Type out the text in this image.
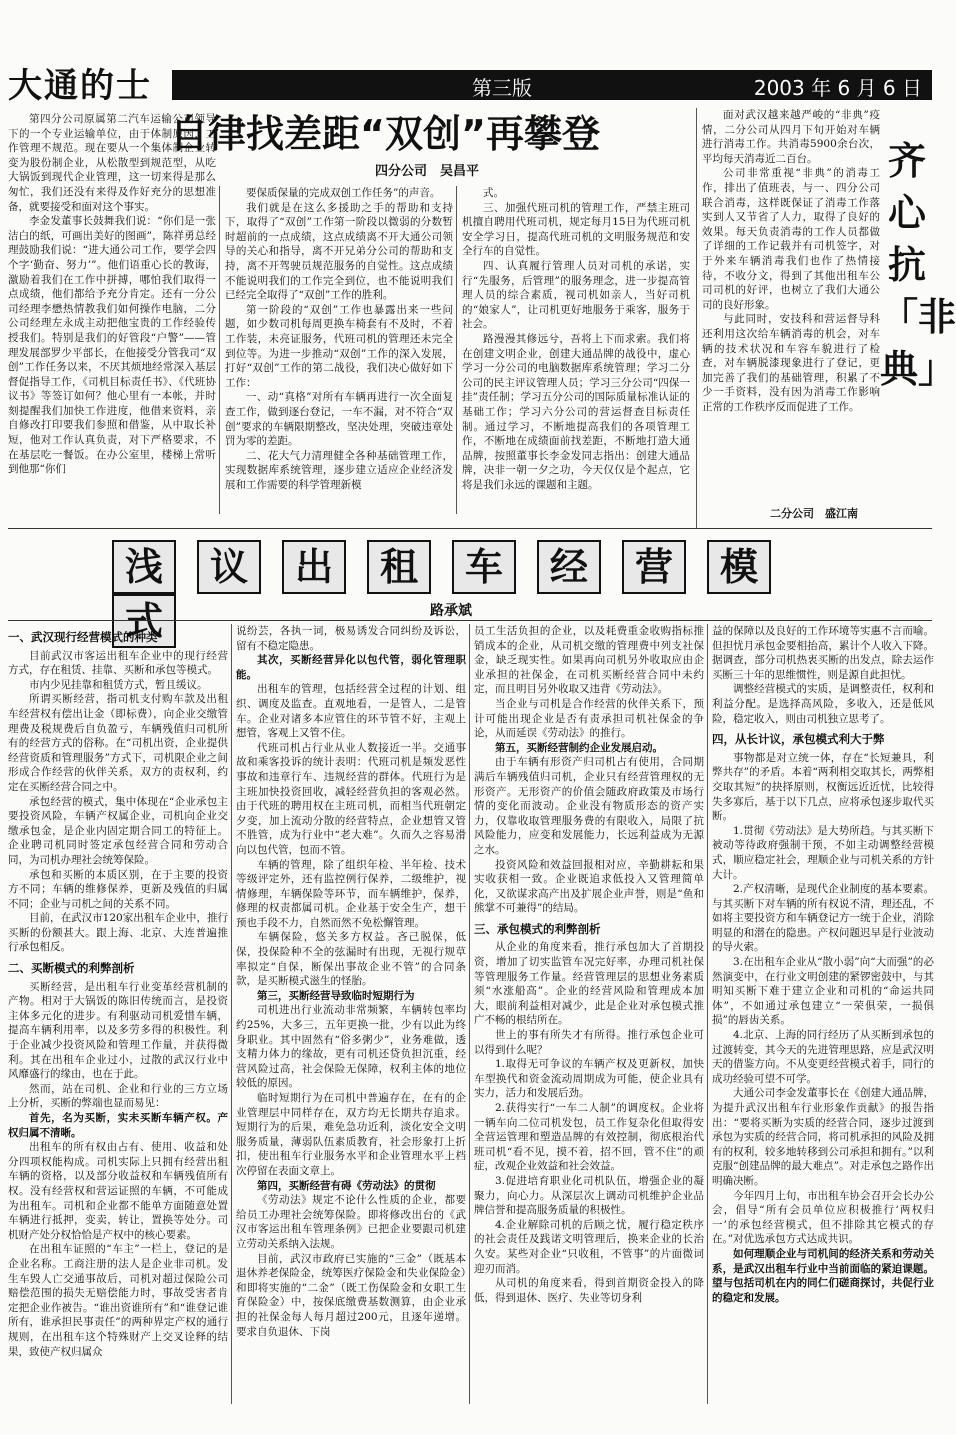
大通的士	第三版	2003 年 6 月 6 日

第四分公司原属第二汽车运输公司领导下的一个专业运输单位，由于体制原因，工作管理不规范。现在要从一个集体制企业转变为股份制企业，从松散型到规范型，从吃大锅饭到现代企业管理，这一切来得是那么匆忙，我们还没有来得及作好充分的思想准备，就要接受和面对这个事实。

李金发董事长鼓舞我们说：“你们是一张洁白的纸，可画出美好的图画”，陈祥勇总经理鼓励我们说：“进大通公司工作，要学会四个字‘勤奋、努力’”。他们语重心长的教诲，激励着我们在工作中拼搏，哪怕我们取得一点成绩，他们都给予充分肯定。还有一分公司经理李懋热情教我们如何操作电脑，二分公司经理左永成主动把他宝贵的工作经验传授我们。特别是我们的好管段“户警”——管理发展部罗少平部长，在他接受分管我司“双创”工作任务以来，不厌其烦地经常深入基层督促指导工作，《司机目标责任书》、《代班协议书》等签订如何？他心里有一本帐，并时刻提醒我们加快工作进度，他借来资料，亲自修改打印要我们参照和借鉴，从中取长补短，他对工作认真负责，对下严格要求，不在基层吃一餐饭。在办公室里，楼梯上常听到他那“你们

自律找差距“双创”再攀登
四分公司　吴昌平

要保质保量的完成双创工作任务”的声音。

我们就是在这么多援助之手的帮助和支持下，取得了“双创”工作第一阶段以微弱的分数暂时超前的一点成绩，这点成绩离不开大通公司领导的关心和指导，离不开兄弟分公司的帮助和支持，离不开驾驶员规范服务的自觉性。这点成绩不能说明我们的工作完全到位，也不能说明我们已经完全取得了“双创”工作的胜利。

第一阶段的“双创”工作也暴露出来一些问题，如少数司机每周更换车椅套有不及时，不着工作装，未亮证服务，代班司机的管理还未完全到位等。为进一步推动“双创”工作的深入发展，打好“双创”工作的第二战役，我们决心做好如下工作：

一、动“真格”对所有车辆再进行一次全面复查工作，做到逐台登记，一车不漏，对不符合“双创”要求的车辆限期整改，坚决处理，突破违章处罚为零的差距。

二、花大气力清理健全各种基础管理工作，实现数据库系统管理，逐步建立适应企业经济发展和工作需要的科学管理新模

式。

三、加强代班司机的管理工作，严禁主班司机擅自聘用代班司机，规定每月15日为代班司机安全学习日，提高代班司机的文明服务规范和安全行车的自觉性。

四、认真履行管理人员对司机的承诺，实行“先服务，后管理”的服务理念，进一步提高管理人员的综合素质，视司机如亲人，当好司机的“娘家人”，让司机更好地服务于乘客，服务于社会。

路漫漫其修远兮，吾将上下而求索。我们将在创建文明企业，创建大通品牌的战役中，虚心学习一分公司的电脑数据库系统管理；学习二分公司的民主评议管理人员；学习三分公司“四保一挂”责任制；学习五分公司的国际质量标准认证的基础工作；学习六分公司的营运督查目标责任制。通过学习，不断地提高我们的各项管理工作，不断地在成绩面前找差距，不断地打造大通品牌，按照董事长李金发同志指出：创建大通品牌，决非一朝一夕之功，今天仅仅是个起点，它将是我们永远的课题和主题。

面对武汉越来越严峻的“非典”疫情，二分公司从四月下旬开始对车辆进行消毒工作。共消毒5900余台次，平均每天消毒近二百台。

公司非常重视“非典”的消毒工作，排出了值班表，与一、四分公司联合消毒，这样既保证了消毒工作落实到人又节省了人力，取得了良好的效果。每天负责消毒的工作人员都做了详细的工作记载并有司机签字，对于外来车辆消毒我们也作了热情接待，不收分文，得到了其他出租车公司司机的好评，也树立了我们大通公司的良好形象。

与此同时，安技科和营运督导科还利用这次给车辆消毒的机会，对车辆的技术状况和车容车貌进行了检查，对车辆脱漆现象进行了登记，更加完善了我们的基础管理，积累了不少一手资料，没有因为消毒工作影响正常的工作秩序反而促进了工作。

齐心抗「非典」
二分公司　盛江南
浅 议 出 租 车 经 营 模式	路承斌

一、武汉现行经营模式的种类

目前武汉市客运出租车企业中的现行经营方式，存在租赁、挂靠、买断和承包等模式。

市内少见挂靠和租赁方式，暂且缓议。

所谓买断经营，指司机支付购车款及出租车经营权有偿出让金（即标费），向企业交缴管理费及税规费后自负盈亏，车辆残值归司机所有的经营方式的俗称。在“司机出资，企业提供经营资质和管理服务”方式下，司机限企业之间形成合作经营的伙伴关系，双方的责权利，约定在买断经营合同之中。

承包经营的模式，集中体现在“企业承包主要投资风险，车辆产权属企业，司机向企业交缴承包金，是企业内固定期合同工的特征上。企业聘司机同时签定承包经营合同和劳动合同，为司机办理社会统筹保险。

承包和买断的本质区别，在于主要的投资方不同；车辆的维修保养，更新及残值的归属不同；企业与司机之间的关系不同。

目前，在武汉市120家出租车企业中，推行买断的份额甚大。跟上海、北京、大连普遍推行承包相反。

二、买断模式的利弊剖析

买断经营，是出租车行业变革经营机制的产物。相对于大锅饭的陈旧传统而言，是投资主体多元化的进步。有利驱动司机爱惜车辆，提高车辆利用率，以及多劳多得的积极性。利于企业减少投资风险和管理工作量，并获得微利。其在出租车企业过小，过散的武汉行业中风靡盛行的缘由，也在于此。

然而，站在司机、企业和行业的三方立场上分析，买断的弊端也显而易见：

首先，名为买断，实未买断车辆产权。产权归属不清晰。

出租车的所有权由占有、使用、收益和处分四项权能构成。司机实际上只拥有经营出租车辆的资格，以及部分收益权和车辆残值所有权。没有经营权和营运证照的车辆，不可能成为出租车。司机和企业都不能单方面随意处置车辆进行抵押，变卖，转让，置换等处分。司机财产处分权恰恰是产权中的核心要素。

在出租车证照的“车主”一栏上，登记的是企业名称。工商注册的法人是企业非司机。发生车毁人亡交通事故后，司机对超过保险公司赔偿范围的损失无赔偿能力时，事故受害者肯定把企业作被告。“谁出资谁所有”和“谁登记谁所有，谁承担民事责任”的两种界定产权的通行规则，在出租车这个特殊财产上交叉诠释的结果，致使产权归属众

说纷芸，各执一词，极易诱发合同纠纷及诉讼，留有不稳定隐患。

其次，买断经营异化以包代管，弱化管理职能。

出租车的管理，包括经营全过程的计划、组织、调度及监查。直观地看，一是管人，二是管车。企业对诸多本应管住的环节管不好，主观上想管，客观上又管不住。

代班司机占行业从业人数接近一半。交通事故和乘客投诉的统计表明：代班司机是频发恶性事故和违章行车、违规经营的群体。代班行为是主班加快投资回收，减轻经营负担的客观必然。由于代班的聘用权在主班司机，而相当代班朝定夕变，加上流动分散的经营特点，企业想管又管不胜管，成为行业中“老大难”。久而久之容易滑向以包代管，包而不管。

车辆的管理，除了组织年检、半年检、技术等级评定外，还有监控例行保养，二级维护，视情修理，车辆保险等环节，而车辆维护，保养，修理的权责都属司机。企业基于安全生产，想干预也手段不力，自然而然不免松懈管理。

车辆保险，悠关多方权益。吝己脱保，低保，投保险种不全的弦漏时有出现，无视行规草率拟定“自保，断保出事故企业不管”的合同条款，是买断模式滋生的怪胎。

第三，买断经营导致临时短期行为

司机进出行业流动非常频繁，车辆转包率均约25%，大多三，五年更换一批，少有以此为终身职业。其中固然有“俗多粥少”，业务难做，透支精力体力的缘故，更有司机还贷负担沉重，经营风险过高，社会保险无保障，权利主体的地位较低的原因。

临时短期行为在司机中普遍存在，在有的企业管理层中同样存在，双方均无长期共存追求。短期行为的后果，难免急功近利，淡化安全文明服务质量，薄弱队伍素质教育，社会形象打上折扣，使出租车行业服务水平和企业管理水平上档次停留在表面文章上。

第四，买断经营有碍《劳动法》的贯彻

《劳动法》规定不论什么性质的企业，都要给员工办理社会统筹保险。即将修改出台的《武汉市客运出租车管理条例》已把企业要跟司机建立劳动关系纳入法规。

目前，武汉市政府已实施的“三金”（既基本退休养老保险金，统筹医疗保险金和失业保险金）和即将实施的“二金”（既工伤保险金和女职工生育保险金）中，按保底缴费基数测算，由企业承担的社保金每人每月超过200元，且逐年递增。要求自负退休、下岗

员工生活负担的企业，以及耗费重金收购指标推销成本的企业，从司机交缴的管理费中列支社保金，缺乏现实性。如果再向司机另外收取应由企业承担的社保金，在司机买断经营合同中未约定，而且明目另外收取又违背《劳动法》。

当企业与司机是合作经营的伙伴关系下，预计可能出现企业是否有责承担司机社保金的争论，从而延误《劳动法》的推行。

第五，买断经营制约企业发展启动。

由于车辆有形资产归司机占有使用，合同期满后车辆残值归司机，企业只有经营管理权的无形资产。无形资产的价值会随政府政策及市场行情的变化而波动。企业没有物质形态的资产实力，仅靠收取管理服务费的有限收入，局限了抗风险能力，应变和发展能力，长远利益成为无源之水。

投资风险和效益回报相对应，辛勤耕耘和果实收获相一致。企业既追求低投入又管理简单化，又欲谋求高产出及扩展企业声誉，则是“鱼和熊掌不可兼得”的结局。

三、承包模式的利弊剖析

从企业的角度来看，推行承包加大了首期投资，增加了切实监管车况完好率，办理司机社保等管理服务工作量。经营管理层的思想业务素质须“水涨船高”。企业的经营风险和管理成本加大，眼前利益相对减少，此是企业对承包模式推广不畅的根结所在。

世上的事有所失才有所得。推行承包企业可以得到什么呢？

1.取得无可争议的车辆产权及更新权，加快车型换代和资金流动周期成为可能，使企业具有实力，活力和发展后劲。

2.获得实行“一车二人制”的调度权。企业将一辆车向二位司机发包，员工作复杂化但取得安全营运管理和塑造品牌的有效控制，彻底根治代班司机“看不见，摸不着，招不回，管不住”的顽症，改观企业效益和社会效益。

3.促进培育职业化司机队伍，增强企业的凝聚力，向心力。从深层次上调动司机维护企业品牌信誉和提高服务质量的积极性。

4.企业解除司机的后顾之忧，履行稳定秩序的社会责任及践诺文明管理后，换来企业的长治久安。某些对企业“只收租，不管事”的片面微词迎刃而消。

从司机的角度来看，得到首期资金投入的降低，得到退休、医疗、失业等切身利

益的保障以及良好的工作环境等实惠不言而喻。但担忧月承包金要相抬高，累计个人收入下降。据调查，部分司机热衷买断的出发点，除去运作买断三十年的思维惯性，则是源自此担忧。

调整经营模式的实质，是调整责任，权利和利益分配。是选择高风险，多收入，还是低风险，稳定收入，则由司机独立思考了。

四，从长计议，承包模式利大于弊

事物都是对立统一体，存在“长短兼具，利弊共存”的矛盾。本着“两利相交取其长，两弊相交取其短”的抉择原则，权衡远近近忧，比较得失多寡后，基于以下几点，应将承包逐步取代买断。

1.贯彻《劳动法》是大势所趋。与其买断下被动等待政府强制干预，不如主动调整经营模式，顺应稳定社会，理顺企业与司机关系的方针大计。

2.产权清晰，是现代企业制度的基本要素。与其买断下对车辆的所有权说不清，理还乱，不如将主要投资方和车辆登记方一统于企业，消除明显的和潜在的隐患。产权问题迟早是行业波动的导火索。

3.在出租车企业从“散小弱”向“大而强”的必然演变中，在行业文明创建的紧锣密鼓中，与其明知买断下难于建立企业和司机的“命运共同体”，不如通过承包建立“一荣俱荣，一损俱损”的唇齿关系。

4.北京、上海的同行经历了从买断到承包的过渡转变，其今天的先进管理思路，应是武汉明天的借鉴方向。不从变更经营模式着手，同行的成功经验可望不可学。

大通公司李金发董事长在《创建大通品牌，为提升武汉出租车行业形象作贡献》的报告指出：“要将买断为实质的经营合同，逐步过渡到承包为实质的经营合同，将司机承担的风险及拥有的权利，较多地转移到公司承担和拥有。”以利克服“创建品牌的最大难点”。对走承包之路作出明确决断。

今年四月上旬，市出租车协会召开会长办公会，倡导“所有会员单位应积极推行‘两权归一’的承包经营模式，但不排除其它模式的存在。”对优选承包方式达成共识。

如何理顺企业与司机间的经济关系和劳动关系，是武汉出租车行业中当前面临的紧迫课题。望与包括司机在内的同仁们磋商探讨，共促行业的稳定和发展。
